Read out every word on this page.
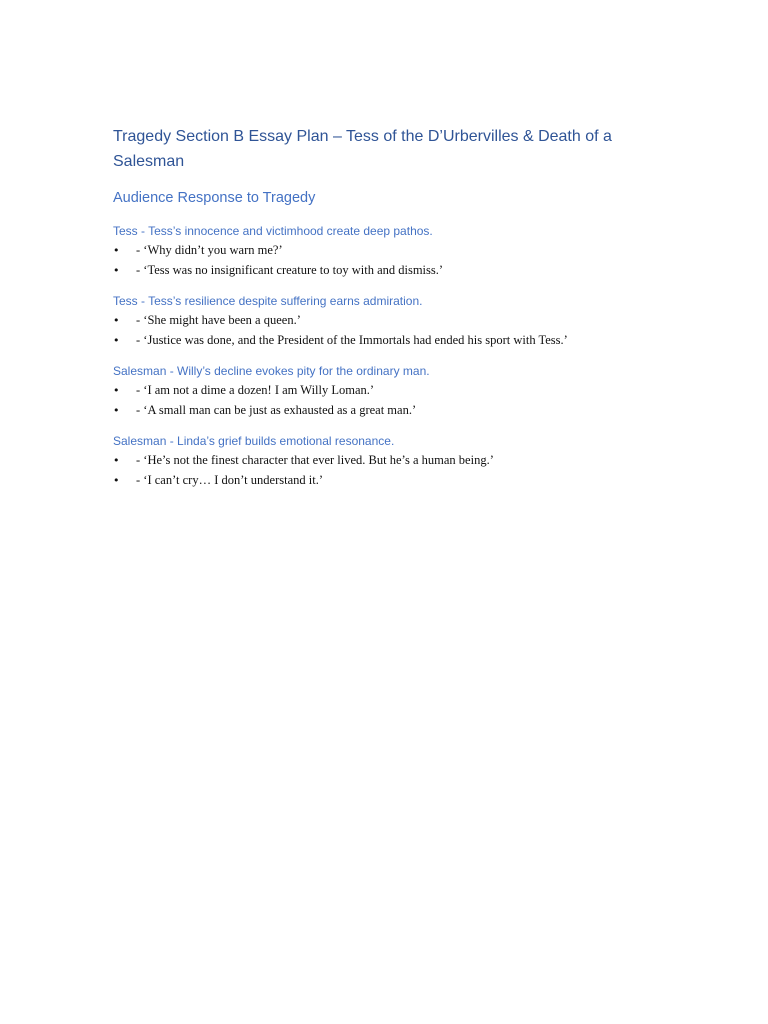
Tragedy Section B Essay Plan – Tess of the D’Urbervilles & Death of a Salesman
Audience Response to Tragedy
Tess - Tess’s innocence and victimhood create deep pathos.
• - ‘Why didn’t you warn me?’
• - ‘Tess was no insignificant creature to toy with and dismiss.’
Tess - Tess’s resilience despite suffering earns admiration.
• - ‘She might have been a queen.’
• - ‘Justice was done, and the President of the Immortals had ended his sport with Tess.’
Salesman - Willy’s decline evokes pity for the ordinary man.
• - ‘I am not a dime a dozen! I am Willy Loman.’
• - ‘A small man can be just as exhausted as a great man.’
Salesman - Linda’s grief builds emotional resonance.
• - ‘He’s not the finest character that ever lived. But he’s a human being.’
• - ‘I can’t cry… I don’t understand it.’
